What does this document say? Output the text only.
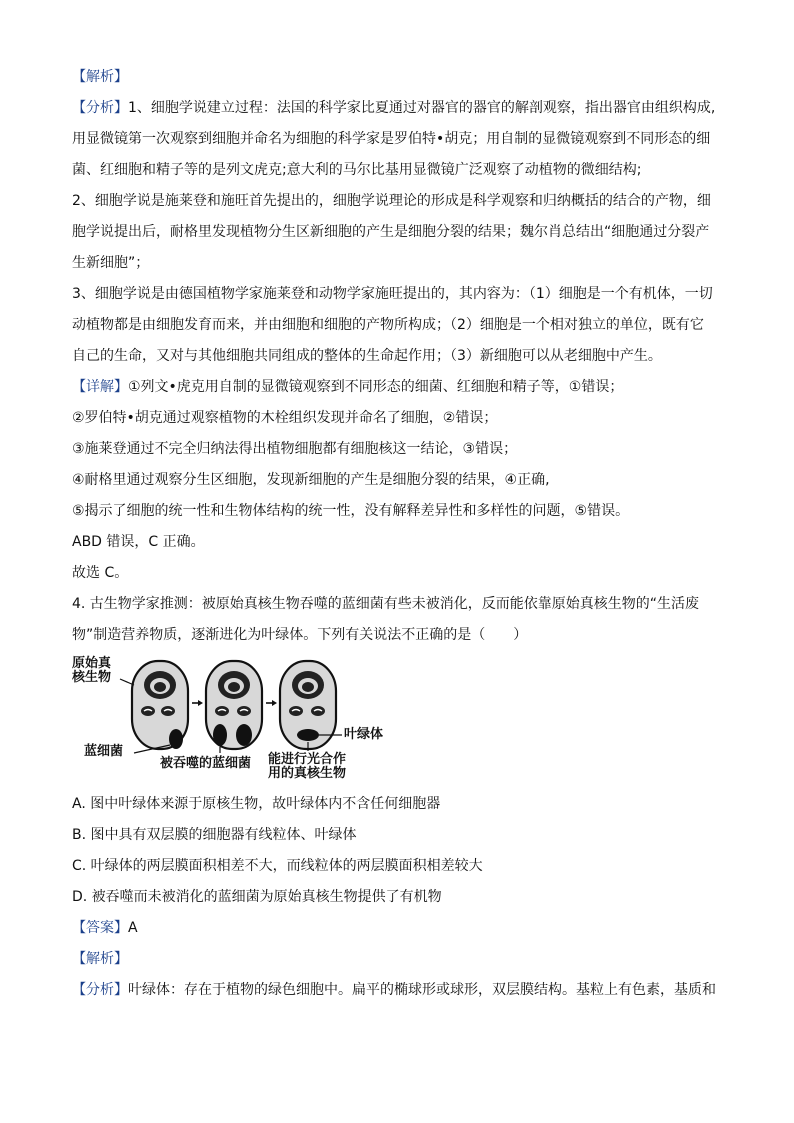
【解析】
【分析】1、细胞学说建立过程：法国的科学家比夏通过对器官的器官的解剖观察，指出器官由组织构成,
用显微镜第一次观察到细胞并命名为细胞的科学家是罗伯特•胡克；用自制的显微镜观察到不同形态的细
菌、红细胞和精子等的是列文虎克;意大利的马尔比基用显微镜广泛观察了动植物的微细结构;
2、细胞学说是施莱登和施旺首先提出的，细胞学说理论的形成是科学观察和归纳概括的结合的产物，细
胞学说提出后，耐格里发现植物分生区新细胞的产生是细胞分裂的结果；魏尔肖总结出“细胞通过分裂产
生新细胞”；
3、细胞学说是由德国植物学家施莱登和动物学家施旺提出的，其内容为：（1）细胞是一个有机体，一切
动植物都是由细胞发育而来，并由细胞和细胞的产物所构成；（2）细胞是一个相对独立的单位，既有它
自己的生命，又对与其他细胞共同组成的整体的生命起作用；（3）新细胞可以从老细胞中产生。
【详解】①列文•虎克用自制的显微镜观察到不同形态的细菌、红细胞和精子等，①错误；
②罗伯特•胡克通过观察植物的木栓组织发现并命名了细胞，②错误；
③施莱登通过不完全归纳法得出植物细胞都有细胞核这一结论，③错误；
④耐格里通过观察分生区细胞，发现新细胞的产生是细胞分裂的结果，④正确,
⑤揭示了细胞的统一性和生物体结构的统一性，没有解释差异性和多样性的问题，⑤错误。
ABD 错误，C 正确。
故选 C。
4. 古生物学家推测：被原始真核生物吞噬的蓝细菌有些未被消化，反而能依靠原始真核生物的“生活废
物”制造营养物质，逐渐进化为叶绿体。下列有关说法不正确的是（　　）
原始真
核生物
蓝细菌
被吞噬的蓝细菌
叶绿体
能进行光合作
用的真核生物
A. 图中叶绿体来源于原核生物，故叶绿体内不含任何细胞器
B. 图中具有双层膜的细胞器有线粒体、叶绿体
C. 叶绿体的两层膜面积相差不大，而线粒体的两层膜面积相差较大
D. 被吞噬而未被消化的蓝细菌为原始真核生物提供了有机物
【答案】A
【解析】
【分析】叶绿体：存在于植物的绿色细胞中。扁平的椭球形或球形，双层膜结构。基粒上有色素，基质和
